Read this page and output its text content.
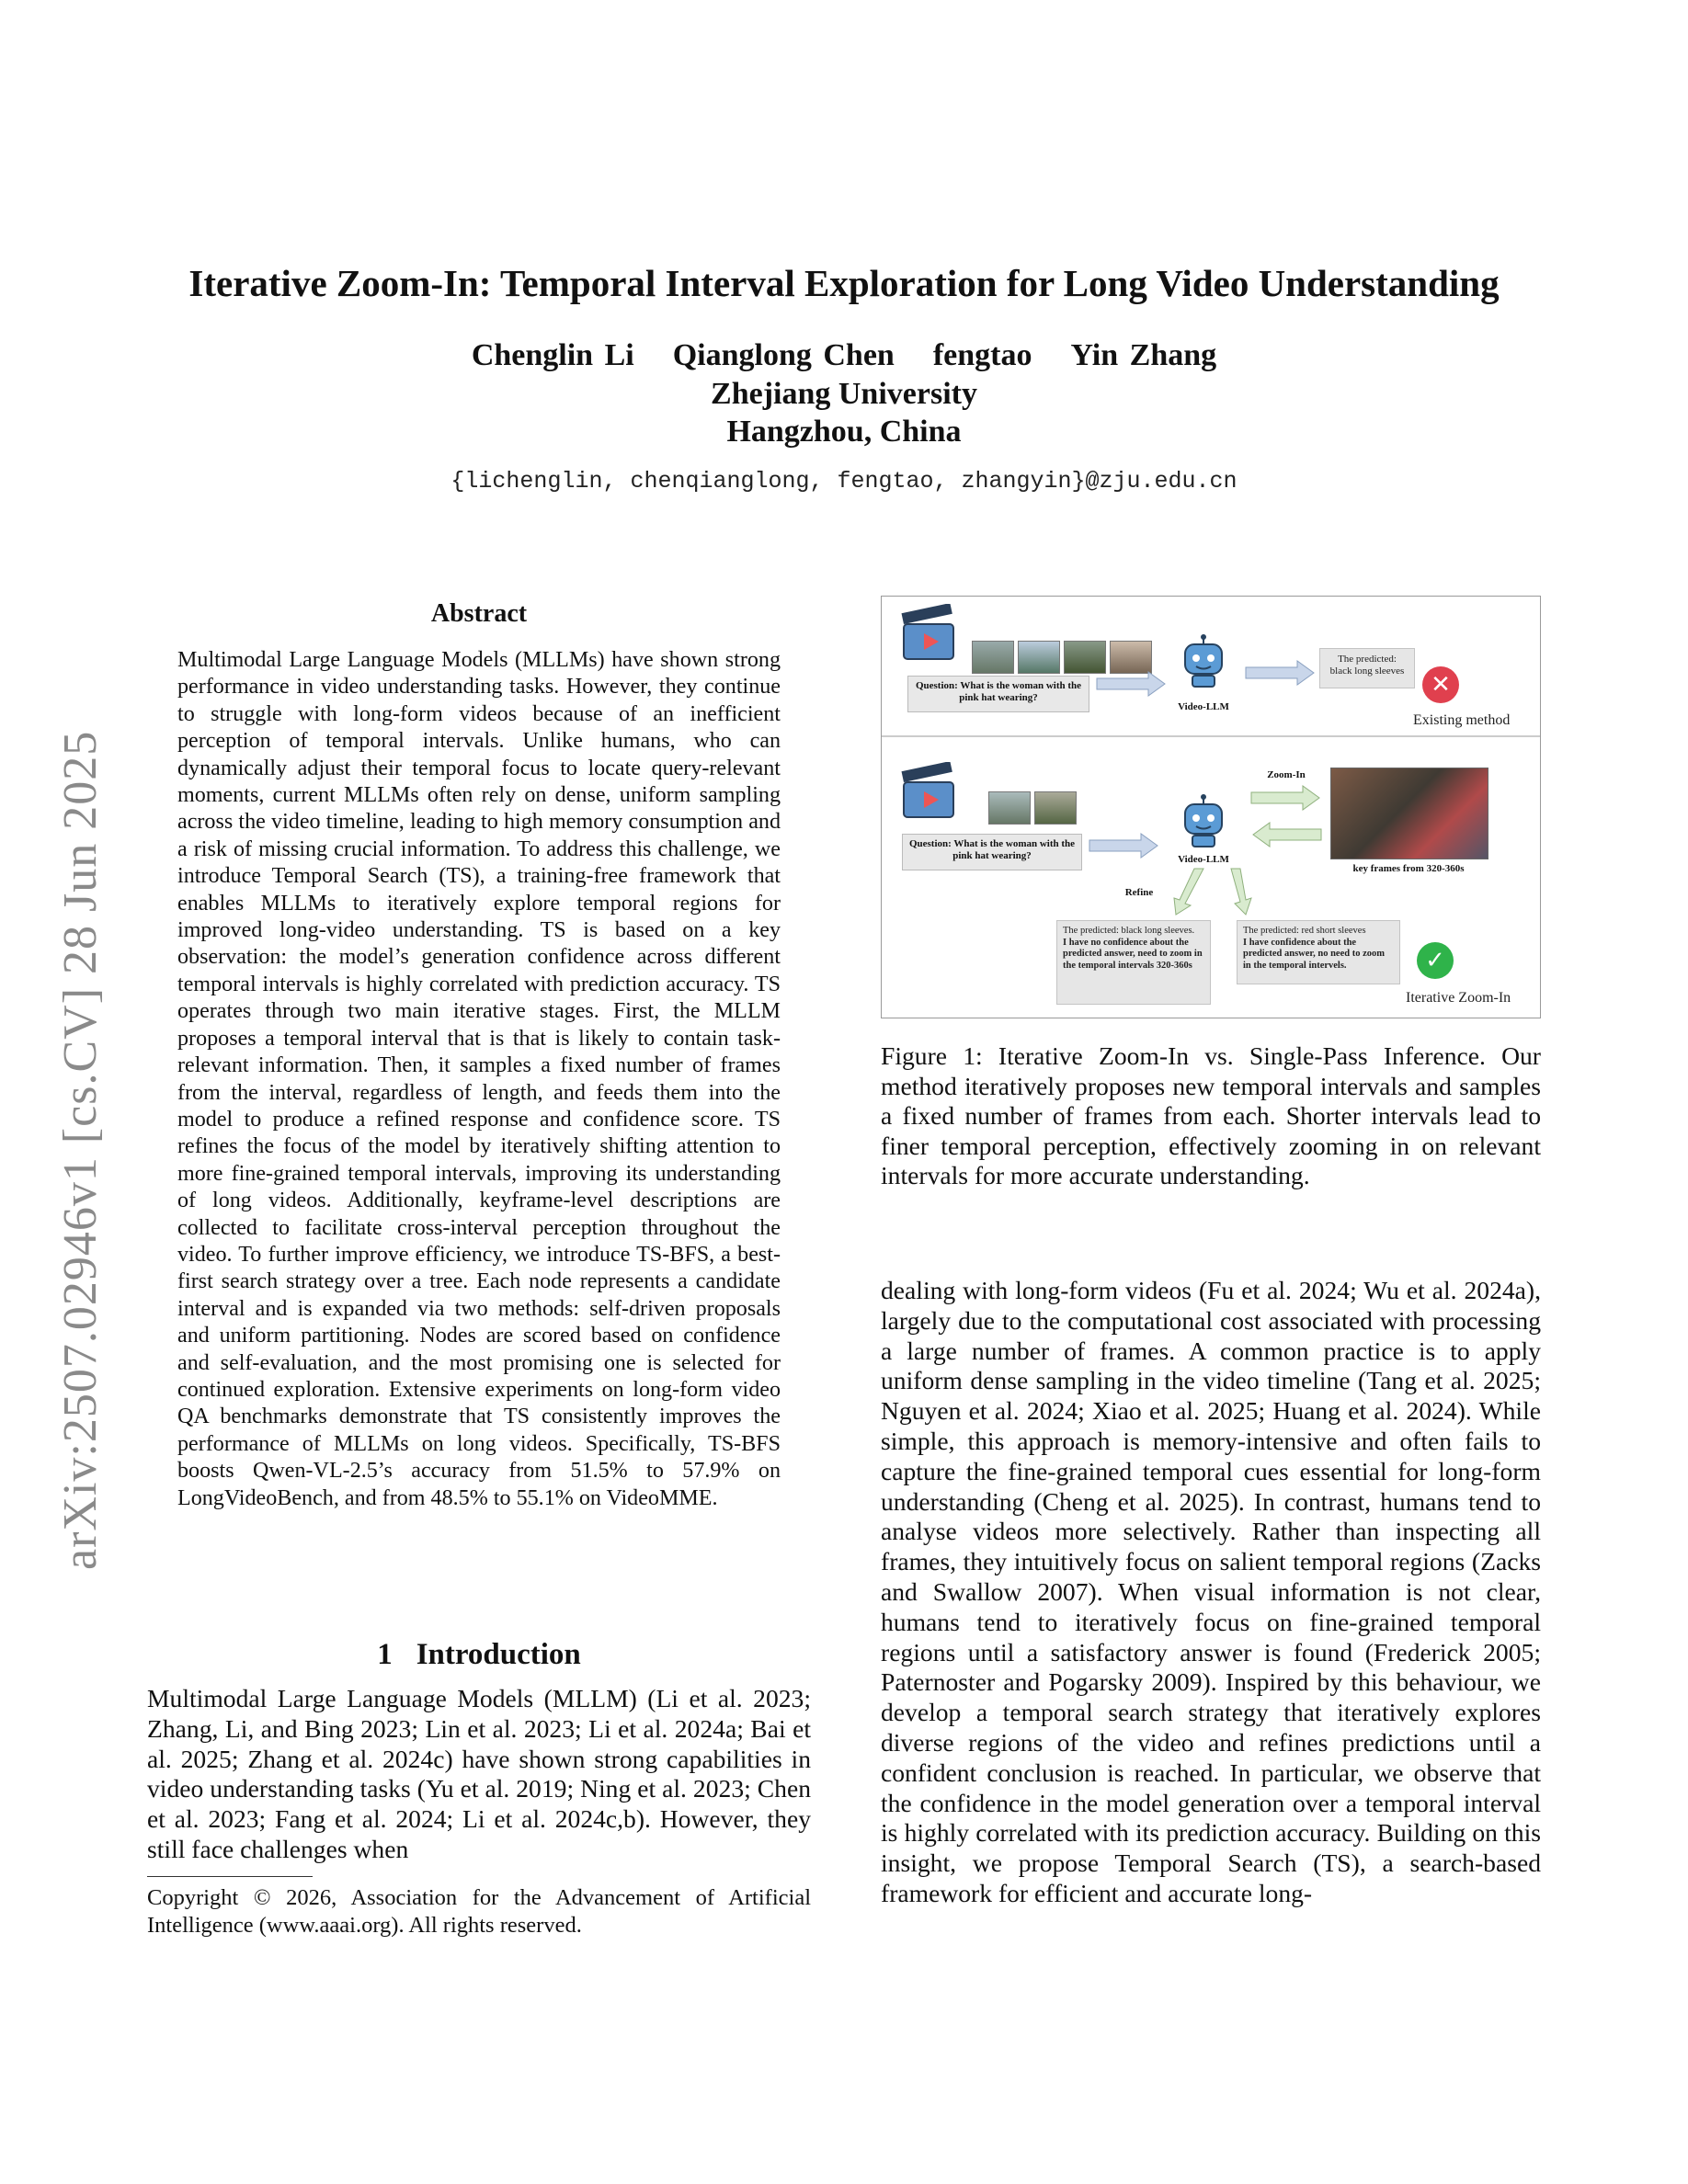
arXiv:2507.02946v1 [cs.CV] 28 Jun 2025
Iterative Zoom-In: Temporal Interval Exploration for Long Video Understanding
Chenglin Li Qianglong Chen fengtao Yin Zhang
Zhejiang University
Hangzhou, China
{lichenglin, chenqianglong, fengtao, zhangyin}@zju.edu.cn
Abstract
Multimodal Large Language Models (MLLMs) have shown strong performance in video understanding tasks. However, they continue to struggle with long-form videos because of an inefficient perception of temporal intervals. Unlike humans, who can dynamically adjust their temporal focus to locate query-relevant moments, current MLLMs often rely on dense, uniform sampling across the video timeline, leading to high memory consumption and a risk of missing crucial information. To address this challenge, we introduce Temporal Search (TS), a training-free framework that enables MLLMs to iteratively explore temporal regions for improved long-video understanding. TS is based on a key observation: the model’s generation confidence across different temporal intervals is highly correlated with prediction accuracy. TS operates through two main iterative stages. First, the MLLM proposes a temporal interval that is that is likely to contain task-relevant information. Then, it samples a fixed number of frames from the interval, regardless of length, and feeds them into the model to produce a refined response and confidence score. TS refines the focus of the model by iteratively shifting attention to more fine-grained temporal intervals, improving its understanding of long videos. Additionally, keyframe-level descriptions are collected to facilitate cross-interval perception throughout the video. To further improve efficiency, we introduce TS-BFS, a best-first search strategy over a tree. Each node represents a candidate interval and is expanded via two methods: self-driven proposals and uniform partitioning. Nodes are scored based on confidence and self-evaluation, and the most promising one is selected for continued exploration. Extensive experiments on long-form video QA benchmarks demonstrate that TS consistently improves the performance of MLLMs on long videos. Specifically, TS-BFS boosts Qwen-VL-2.5’s accuracy from 51.5% to 57.9% on LongVideoBench, and from 48.5% to 55.1% on VideoMME.
1 Introduction
Multimodal Large Language Models (MLLM) (Li et al. 2023; Zhang, Li, and Bing 2023; Lin et al. 2023; Li et al. 2024a; Bai et al. 2025; Zhang et al. 2024c) have shown strong capabilities in video understanding tasks (Yu et al. 2019; Ning et al. 2023; Chen et al. 2023; Fang et al. 2024; Li et al. 2024c,b). However, they still face challenges when
Copyright © 2026, Association for the Advancement of Artificial Intelligence (www.aaai.org). All rights reserved.
Question: What is the woman with the pink hat wearing?
Video-LLM
The predicted: black long sleeves
✕
Existing method
Question: What is the woman with the pink hat wearing?	Video-LLM
Zoom-In
key frames from 320-360s
Refine
The predicted: black long sleeves.
I have no confidence about the predicted answer, need to zoom in the temporal intervals 320-360s
The predicted: red short sleeves
I have confidence about the predicted answer, no need to zoom in the temporal intervels.	✓
Iterative Zoom-In
Figure 1: Iterative Zoom-In vs. Single-Pass Inference. Our method iteratively proposes new temporal intervals and samples a fixed number of frames from each. Shorter intervals lead to finer temporal perception, effectively zooming in on relevant intervals for more accurate understanding.
dealing with long-form videos (Fu et al. 2024; Wu et al. 2024a), largely due to the computational cost associated with processing a large number of frames. A common practice is to apply uniform dense sampling in the video timeline (Tang et al. 2025; Nguyen et al. 2024; Xiao et al. 2025; Huang et al. 2024). While simple, this approach is memory-intensive and often fails to capture the fine-grained temporal cues essential for long-form understanding (Cheng et al. 2025). In contrast, humans tend to analyse videos more selectively. Rather than inspecting all frames, they intuitively focus on salient temporal regions (Zacks and Swallow 2007). When visual information is not clear, humans tend to iteratively focus on fine-grained temporal regions until a satisfactory answer is found (Frederick 2005; Paternoster and Pogarsky 2009). Inspired by this behaviour, we develop a temporal search strategy that iteratively explores diverse regions of the video and refines predictions until a confident conclusion is reached. In particular, we observe that the confidence in the model generation over a temporal interval is highly correlated with its prediction accuracy. Building on this insight, we propose Temporal Search (TS), a search-based framework for efficient and accurate long-
